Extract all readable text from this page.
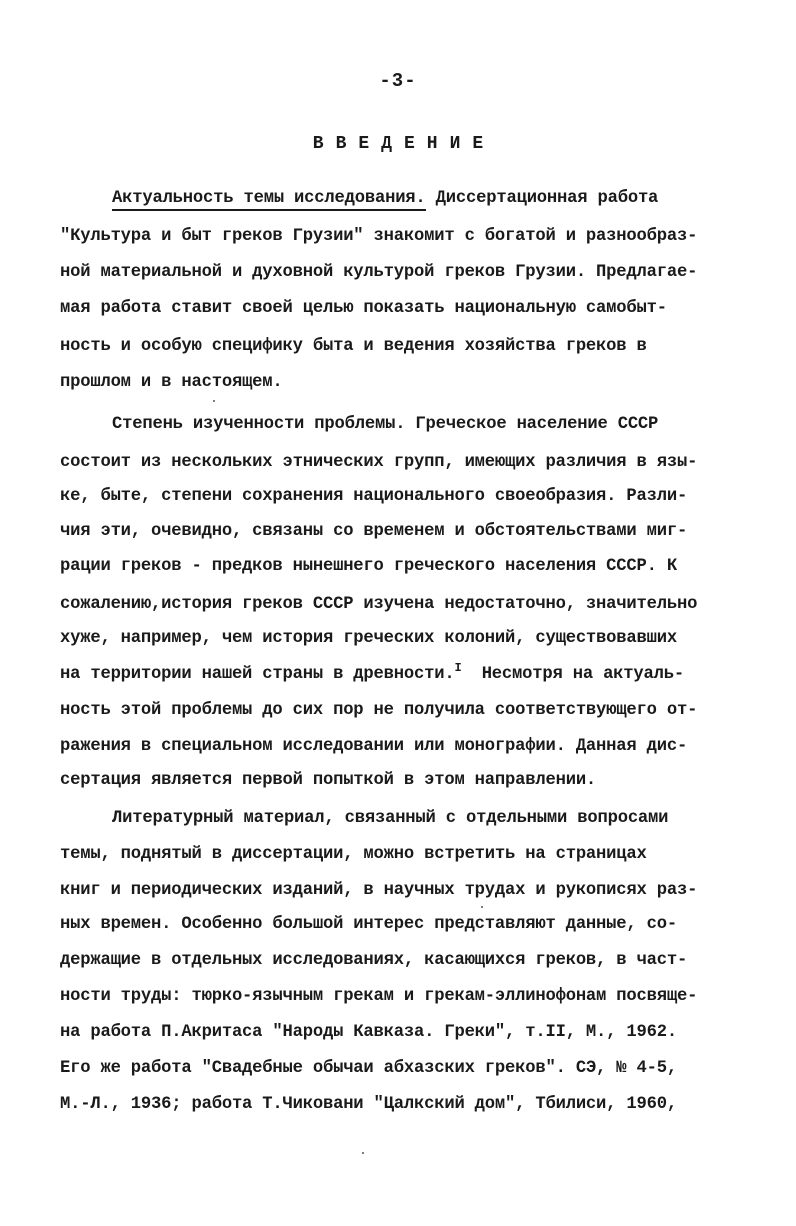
-3-
ВВЕДЕНИЕ
Актуальность темы исследования. Диссертационная работа
"Культура и быт греков Грузии" знакомит с богатой и разнообраз-
ной материальной и духовной культурой греков Грузии. Предлагае-
мая работа ставит своей целью показать национальную самобыт-
ность и особую специфику быта и ведения хозяйства греков в
прошлом и в настоящем.
Степень изученности проблемы. Греческое население СССР
состоит из нескольких этнических групп, имеющих различия в язы-
ке, быте, степени сохранения национального своеобразия. Разли-
чия эти, очевидно, связаны со временем и обстоятельствами миг-
рации греков - предков нынешнего греческого населения СССР. К
сожалению,история греков СССР изучена недостаточно, значительно
хуже, например, чем история греческих колоний, существовавших
на территории нашей страны в древности.$^I$  Несмотря на актуаль-
ность этой проблемы до сих пор не получила соответствующего от-
ражения в специальном исследовании или монографии. Данная дис-
сертация является первой попыткой в этом направлении.
Литературный материал, связанный с отдельными вопросами
темы, поднятый в диссертации, можно встретить на страницах
книг и периодических изданий, в научных трудах и рукописях раз-
ных времен. Особенно большой интерес представляют данные, со-
держащие в отдельных исследованиях, касающихся греков, в част-
ности труды: тюрко-язычным грекам и грекам-эллинофонам посвяще-
на работа П.Акритаса "Народы Кавказа. Греки", т.II, М., 1962.
Его же работа "Свадебные обычаи абхазских греков". СЭ, № 4-5,
М.-Л., 1936; работа Т.Чиковани "Цалкский дом", Тбилиси, 1960,
